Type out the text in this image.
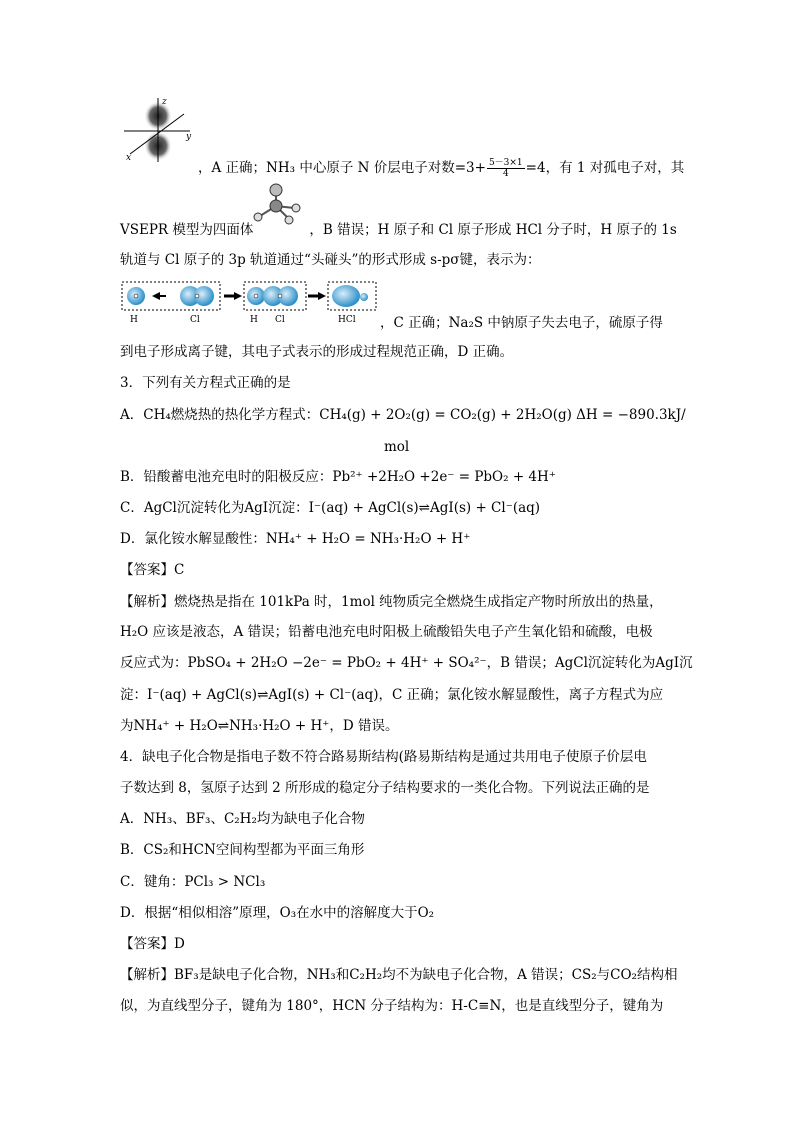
z
y
x
，A 正确；NH₃ 中心原子 N 价层电子对数$=3+ \frac{5-3\times 1}{4} =4$，有 1 对孤电子对，其
VSEPR 模型为四面体	，B 错误；H 原子和 Cl 原子形成 HCl 分子时，H 原子的 1s
轨道与 Cl 原子的 3p 轨道通过“头碰头”的形式形成 s-pσ键，表示为：
H	Cl	H Cl	HCl ，C 正确；Na₂S 中钠原子失去电子，硫原子得
到电子形成离子键，其电子式表示的形成过程规范正确，D 正确。
3．下列有关方程式正确的是
A．CH₄燃烧热的热化学方程式：CH₄(g) + 2O₂(g) = CO₂(g) + 2H₂O(g) ΔH = −890.3kJ/
mol
B．铅酸蓄电池充电时的阳极反应：Pb²⁺ +2H₂O +2e⁻ = PbO₂ + 4H⁺
C．AgCl沉淀转化为AgI沉淀：I⁻(aq) + AgCl(s)⇌AgI(s) + Cl⁻(aq)
D．氯化铵水解显酸性：NH₄⁺ + H₂O = NH₃·H₂O + H⁺
【答案】C
【解析】燃烧热是指在 101kPa 时，1mol 纯物质完全燃烧生成指定产物时所放出的热量，
H₂O 应该是液态，A 错误；铅蓄电池充电时阳极上硫酸铅失电子产生氧化铅和硫酸，电极
反应式为：PbSO₄ + 2H₂O −2e⁻ = PbO₂ + 4H⁺ + SO₄²⁻，B 错误；AgCl沉淀转化为AgI沉
淀：I⁻(aq) + AgCl(s)⇌AgI(s) + Cl⁻(aq)，C 正确；氯化铵水解显酸性，离子方程式为应
为NH₄⁺ + H₂O⇌NH₃·H₂O + H⁺，D 错误。
4．缺电子化合物是指电子数不符合路易斯结构(路易斯结构是通过共用电子使原子价层电
子数达到 8，氢原子达到 2 所形成的稳定分子结构要求的一类化合物。下列说法正确的是
A．NH₃、BF₃、C₂H₂均为缺电子化合物
B．CS₂和HCN空间构型都为平面三角形
C．键角：PCl₃ > NCl₃
D．根据“相似相溶”原理，O₃在水中的溶解度大于O₂
【答案】D
【解析】BF₃是缺电子化合物，NH₃和C₂H₂均不为缺电子化合物，A 错误；CS₂与CO₂结构相
似，为直线型分子，键角为 180°，HCN 分子结构为：H-C≡N，也是直线型分子，键角为
